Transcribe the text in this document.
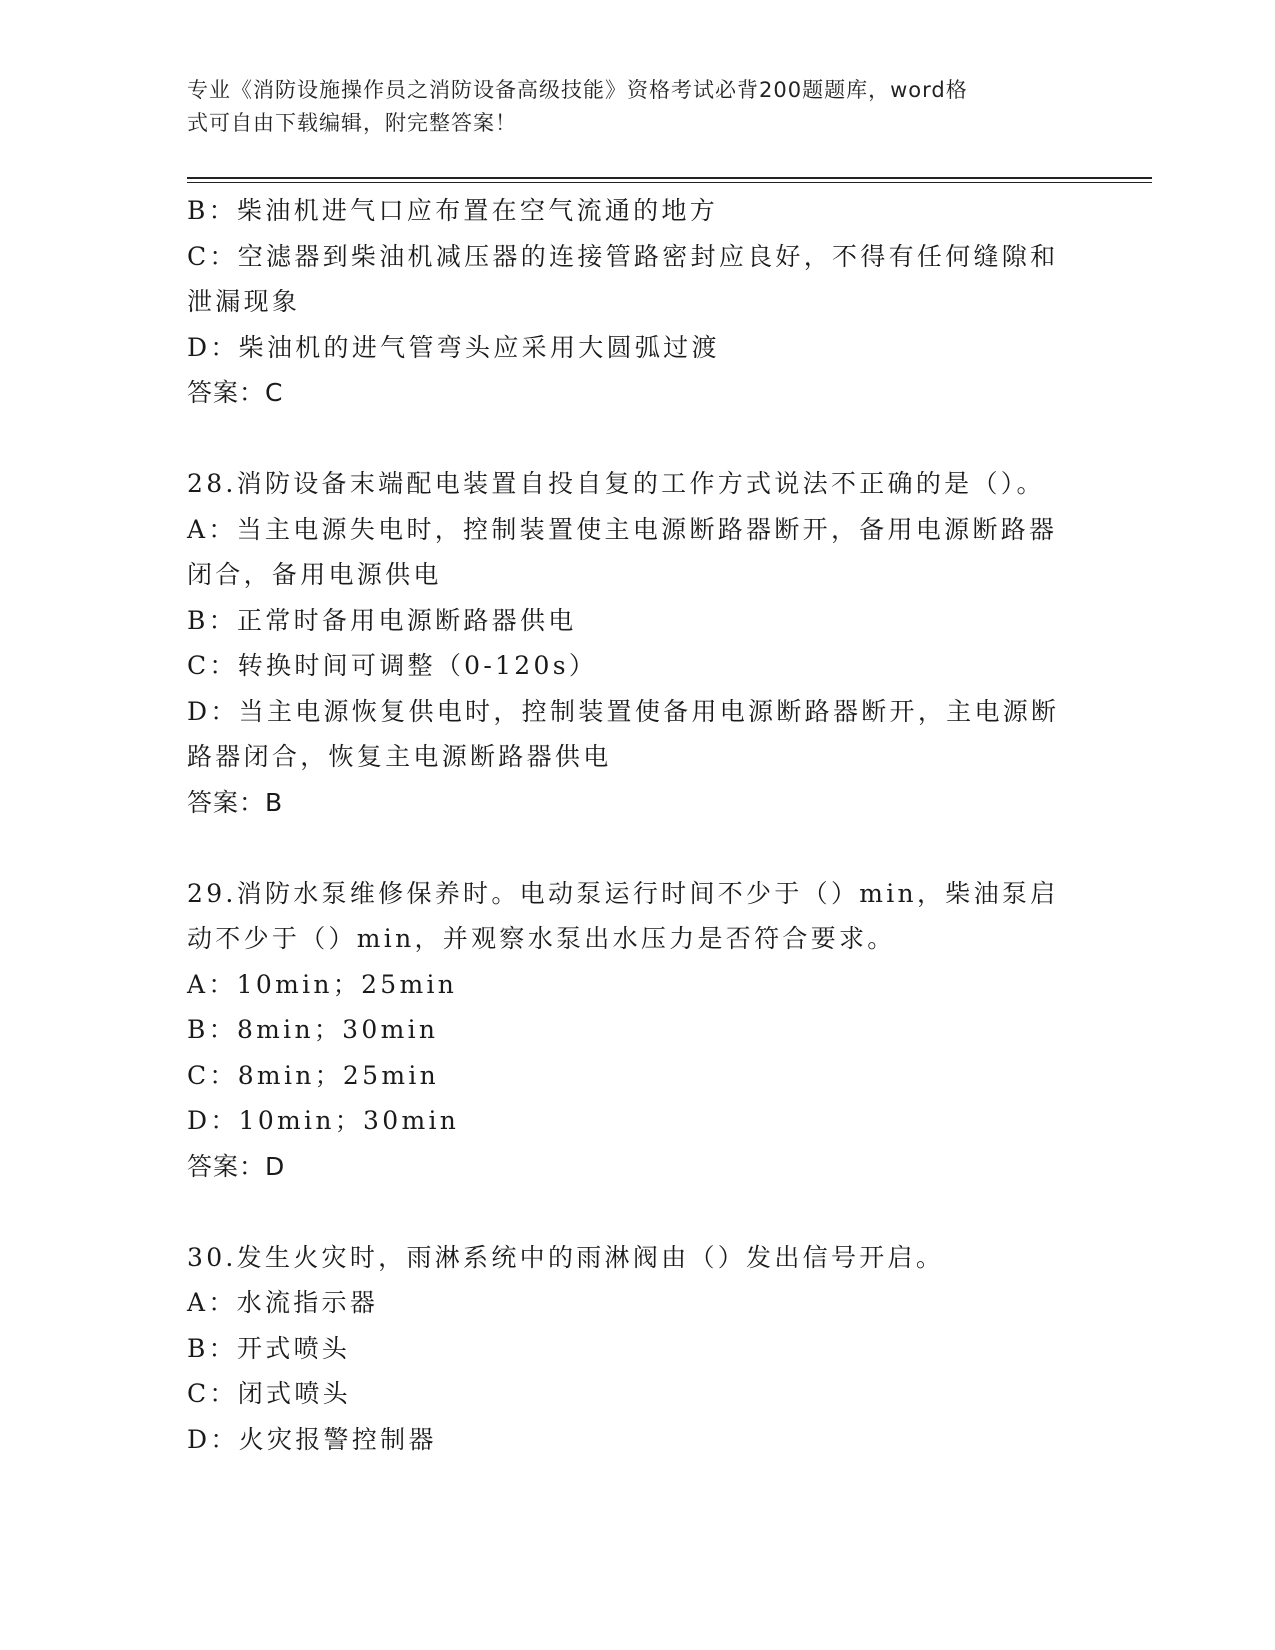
专业《消防设施操作员之消防设备高级技能》资格考试必背200题题库，word格
式可自由下载编辑，附完整答案！
B：柴油机进气口应布置在空气流通的地方
C：空滤器到柴油机减压器的连接管路密封应良好，不得有任何缝隙和
泄漏现象
D：柴油机的进气管弯头应采用大圆弧过渡
答案：C
28.消防设备末端配电装置自投自复的工作方式说法不正确的是（）。
A：当主电源失电时，控制装置使主电源断路器断开，备用电源断路器
闭合，备用电源供电
B：正常时备用电源断路器供电
C：转换时间可调整（0-120s）
D：当主电源恢复供电时，控制装置使备用电源断路器断开，主电源断
路器闭合，恢复主电源断路器供电
答案：B
29.消防水泵维修保养时。电动泵运行时间不少于（）min，柴油泵启
动不少于（）min，并观察水泵出水压力是否符合要求。
A：10min；25min
B：8min；30min
C：8min；25min
D：10min；30min
答案：D
30.发生火灾时，雨淋系统中的雨淋阀由（）发出信号开启。
A：水流指示器
B：开式喷头
C：闭式喷头
D：火灾报警控制器
